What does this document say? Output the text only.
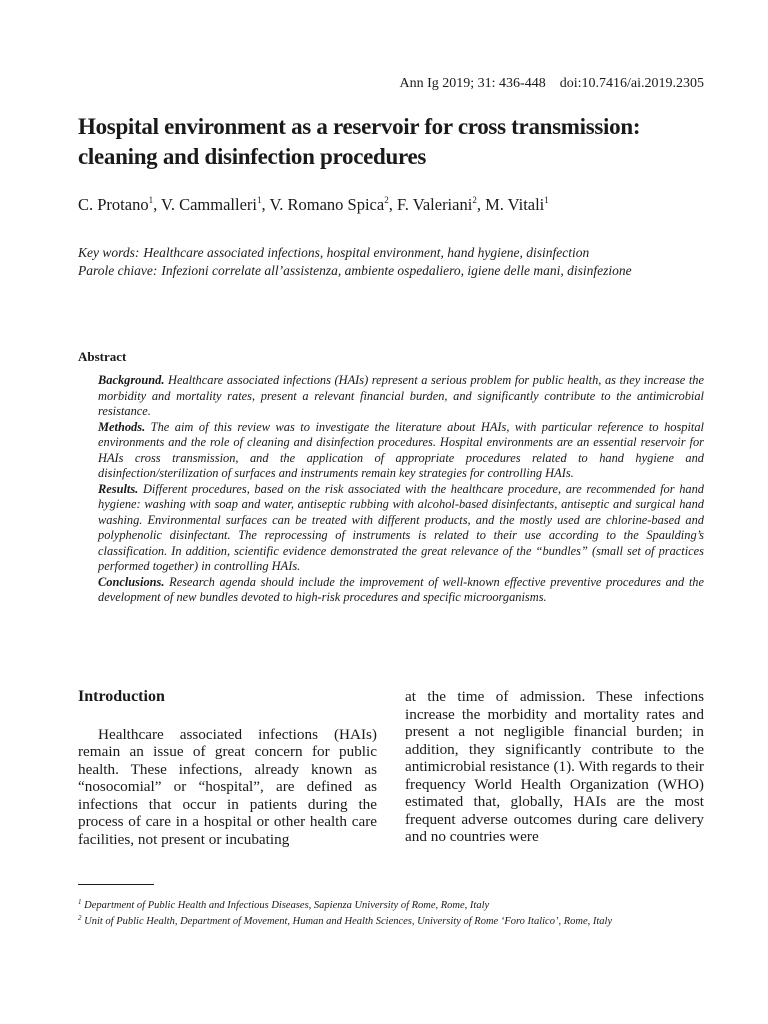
Ann Ig 2019; 31: 436-448 doi:10.7416/ai.2019.2305
Hospital environment as a reservoir for cross transmission:
cleaning and disinfection procedures
C. Protano$^1$, V. Cammalleri$^1$, V. Romano Spica$^2$, F. Valeriani$^2$, M. Vitali$^1$
Key words: Healthcare associated infections, hospital environment, hand hygiene, disinfection
Parole chiave: Infezioni correlate all’assistenza, ambiente ospedaliero, igiene delle mani, disinfezione
Abstract

Background. Healthcare associated infections (HAIs) represent a serious problem for public health, as they increase the morbidity and mortality rates, present a relevant financial burden, and significantly contribute to the antimicrobial resistance.

Methods. The aim of this review was to investigate the literature about HAIs, with particular reference to hospital environments and the role of cleaning and disinfection procedures. Hospital environments are an essential reservoir for HAIs cross transmission, and the application of appropriate procedures related to hand hygiene and disinfection/sterilization of surfaces and instruments remain key strategies for controlling HAIs.

Results. Different procedures, based on the risk associated with the healthcare procedure, are recommended for hand hygiene: washing with soap and water, antiseptic rubbing with alcohol-based disinfectants, antiseptic and surgical hand washing. Environmental surfaces can be treated with different products, and the mostly used are chlorine-based and polyphenolic disinfectant. The reprocessing of instruments is related to their use according to the Spaulding’s classification. In addition, scientific evidence demonstrated the great relevance of the “bundles” (small set of practices performed together) in controlling HAIs.

Conclusions. Research agenda should include the improvement of well-known effective preventive procedures and the development of new bundles devoted to high-risk procedures and specific microorganisms.

Introduction

Healthcare associated infections (HAIs) remain an issue of great concern for public health. These infections, already known as “nosocomial” or “hospital”, are defined as infections that occur in patients during the process of care in a hospital or other health care facilities, not present or incubating

at the time of admission. These infections increase the morbidity and mortality rates and present a not negligible financial burden; in addition, they significantly contribute to the antimicrobial resistance (1). With regards to their frequency World Health Organization (WHO) estimated that, globally, HAIs are the most frequent adverse outcomes during care delivery and no countries were

$^1$ Department of Public Health and Infectious Diseases, Sapienza University of Rome, Rome, Italy

$^2$ Unit of Public Health, Department of Movement, Human and Health Sciences, University of Rome ‘Foro Italico’, Rome, Italy
